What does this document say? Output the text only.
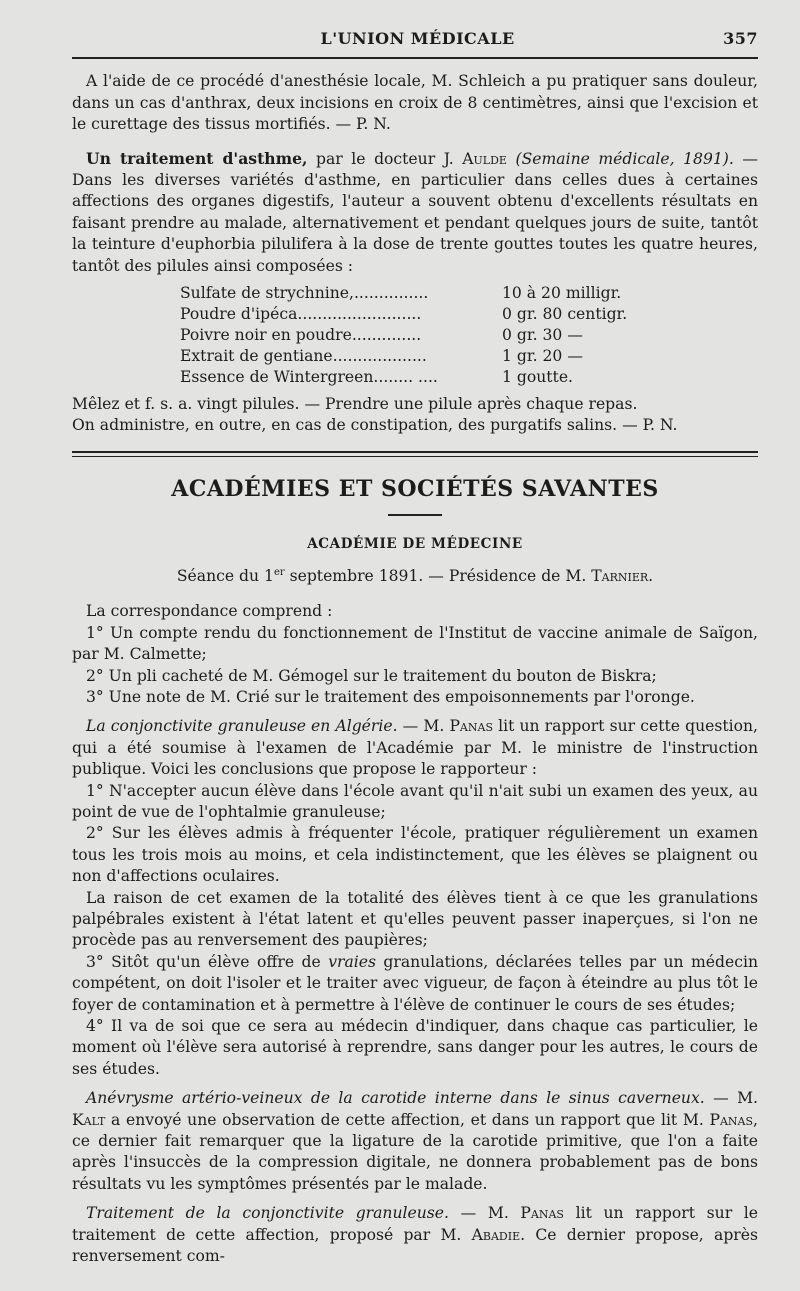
L'UNION MÉDICALE	357

A l'aide de ce procédé d'anesthésie locale, M. Schleich a pu pratiquer sans douleur, dans un cas d'anthrax, deux incisions en croix de 8 centimètres, ainsi que l'excision et le curettage des tissus mortifiés. — P. N.

Un traitement d'asthme, par le docteur J. Aulde (Semaine médicale, 1891). — Dans les diverses variétés d'asthme, en particulier dans celles dues à certaines affections des organes digestifs, l'auteur a souvent obtenu d'excellents résultats en faisant prendre au malade, alternativement et pendant quelques jours de suite, tantôt la teinture d'euphorbia pilulifera à la dose de trente gouttes toutes les quatre heures, tantôt des pilules ainsi composées :

Sulfate de strychnine,...............	10 à 20 milligr.
Poudre d'ipéca.........................	0 gr. 80 centigr.
Poivre noir en poudre..............	0 gr. 30 —
Extrait de gentiane...................	1 gr. 20 —
Essence de Wintergreen........ ....	1 goutte.

Mêlez et f. s. a. vingt pilules. — Prendre une pilule après chaque repas.

On administre, en outre, en cas de constipation, des purgatifs salins. — P. N.

ACADÉMIES ET SOCIÉTÉS SAVANTES
ACADÉMIE DE MÉDECINE
Séance du 1er septembre 1891. — Présidence de M. Tarnier.

La correspondance comprend :

1° Un compte rendu du fonctionnement de l'Institut de vaccine animale de Saïgon, par M. Calmette;

2° Un pli cacheté de M. Gémogel sur le traitement du bouton de Biskra;

3° Une note de M. Crié sur le traitement des empoisonnements par l'oronge.

La conjonctivite granuleuse en Algérie. — M. Panas lit un rapport sur cette question, qui a été soumise à l'examen de l'Académie par M. le ministre de l'instruction publique. Voici les conclusions que propose le rapporteur :

1° N'accepter aucun élève dans l'école avant qu'il n'ait subi un examen des yeux, au point de vue de l'ophtalmie granuleuse;

2° Sur les élèves admis à fréquenter l'école, pratiquer régulièrement un examen tous les trois mois au moins, et cela indistinctement, que les élèves se plaignent ou non d'affections oculaires.

La raison de cet examen de la totalité des élèves tient à ce que les granulations palpébrales existent à l'état latent et qu'elles peuvent passer inaperçues, si l'on ne procède pas au renversement des paupières;

3° Sitôt qu'un élève offre de vraies granulations, déclarées telles par un médecin compétent, on doit l'isoler et le traiter avec vigueur, de façon à éteindre au plus tôt le foyer de contamination et à permettre à l'élève de continuer le cours de ses études;

4° Il va de soi que ce sera au médecin d'indiquer, dans chaque cas particulier, le moment où l'élève sera autorisé à reprendre, sans danger pour les autres, le cours de ses études.

Anévrysme artério-veineux de la carotide interne dans le sinus caverneux. — M. Kalt a envoyé une observation de cette affection, et dans un rapport que lit M. Panas, ce dernier fait remarquer que la ligature de la carotide primitive, que l'on a faite après l'insuccès de la compression digitale, ne donnera probablement pas de bons résultats vu les symptômes présentés par le malade.

Traitement de la conjonctivite granuleuse. — M. Panas lit un rapport sur le traitement de cette affection, proposé par M. Abadie. Ce dernier propose, après renversement com-
